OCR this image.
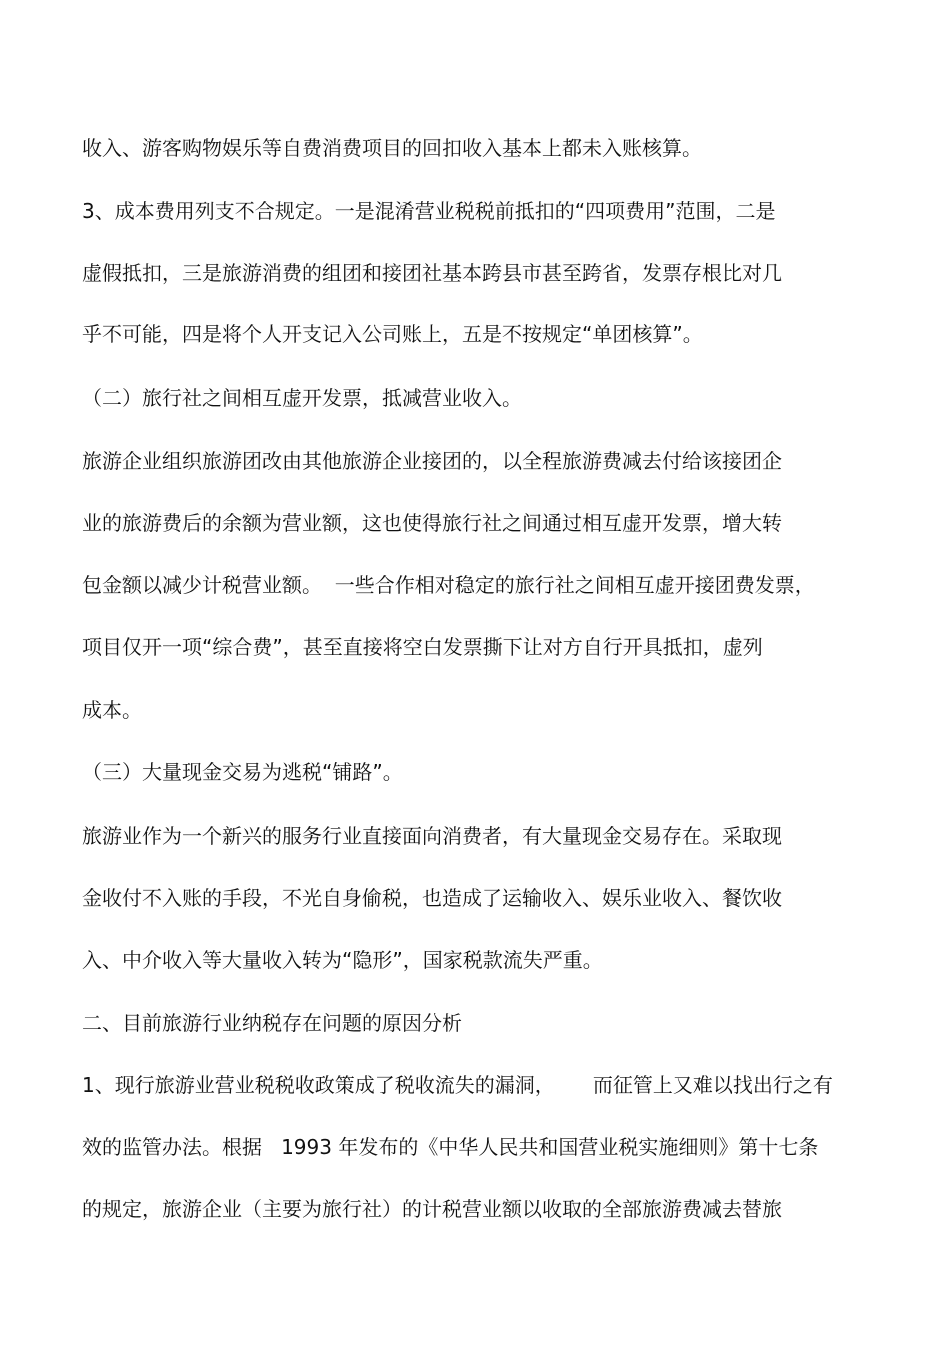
收入、游客购物娱乐等自费消费项目的回扣收入基本上都未入账核算。
3、成本费用列支不合规定。一是混淆营业税税前抵扣的“四项费用”范围，二是
虚假抵扣，三是旅游消费的组团和接团社基本跨县市甚至跨省，发票存根比对几
乎不可能，四是将个人开支记入公司账上，五是不按规定“单团核算”。
（二）旅行社之间相互虚开发票，抵减营业收入。
旅游企业组织旅游团改由其他旅游企业接团的，以全程旅游费减去付给该接团企
业的旅游费后的余额为营业额，这也使得旅行社之间通过相互虚开发票，增大转
包金额以减少计税营业额。  一些合作相对稳定的旅行社之间相互虚开接团费发票，
项目仅开一项“综合费”，甚至直接将空白发票撕下让对方自行开具抵扣，虚列
成本。
（三）大量现金交易为逃税“铺路”。
旅游业作为一个新兴的服务行业直接面向消费者，有大量现金交易存在。采取现
金收付不入账的手段，不光自身偷税，也造成了运输收入、娱乐业收入、餐饮收
入、中介收入等大量收入转为“隐形”，国家税款流失严重。
二、目前旅游行业纳税存在问题的原因分析
1、现行旅游业营业税税收政策成了税收流失的漏洞，      而征管上又难以找出行之有
效的监管办法。根据   1993 年发布的《中华人民共和国营业税实施细则》第十七条
的规定，旅游企业（主要为旅行社）的计税营业额以收取的全部旅游费减去替旅
